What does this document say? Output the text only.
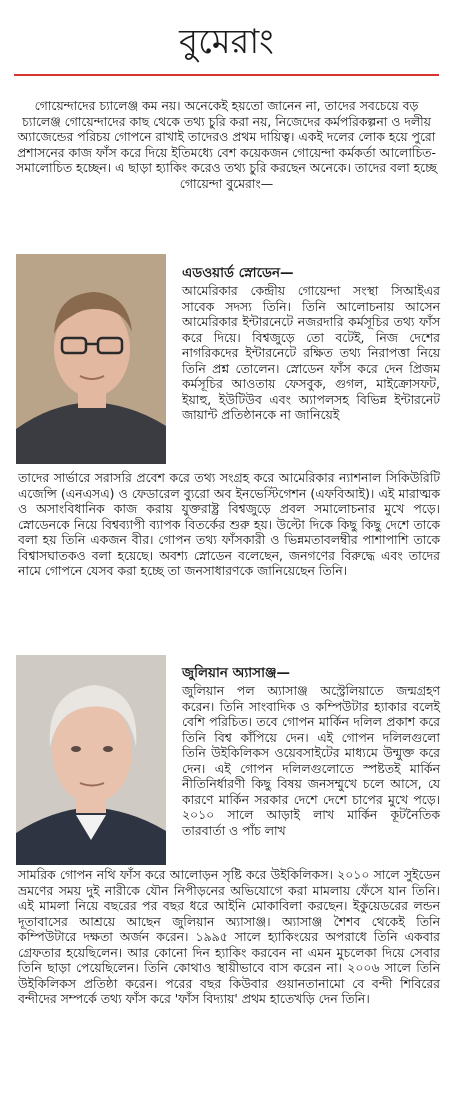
বুমেরাং

গোয়েন্দাদের চ্যালেঞ্জ কম নয়। অনেকেই হয়তো জানেন না, তাদের সবচেয়ে বড় চ্যালেঞ্জ গোয়েন্দাদের কাছ থেকে তথ্য চুরি করা নয়, নিজেদের কর্মপরিকল্পনা ও দলীয় অ্যাজেন্ডের পরিচয় গোপনে রাখাই তাদেরও প্রথম দায়িত্ব। একই দলের লোক হয়ে পুরো প্রশাসনের কাজ ফাঁস করে দিয়ে ইতিমধ্যে বেশ কয়েকজন গোয়েন্দা কর্মকর্তা আলোচিত-সমালোচিত হচ্ছেন। এ ছাড়া হ্যাকিং করেও তথ্য চুরি করছেন অনেকে। তাদের বলা হচ্ছে গোয়েন্দা বুমেরাং—

এডওয়ার্ড স্নোডেন—

আমেরিকার কেন্দ্রীয় গোয়েন্দা সংস্থা সিআইএর সাবেক সদস্য তিনি। তিনি আলোচনায় আসেন আমেরিকার ইন্টারনেটে নজরদারি কর্মসূচির তথ্য ফাঁস করে দিয়ে। বিশ্বজুড়ে তো বটেই, নিজ দেশের নাগরিকদের ইন্টারনেটে রক্ষিত তথ্য নিরাপত্তা নিয়ে তিনি প্রশ্ন তোলেন। স্নোডেন ফাঁস করে দেন প্রিজম কর্মসূচির আওতায় ফেসবুক, গুগল, মাইক্রোসফট, ইয়াহু, ইউটিউব এবং অ্যাপলসহ বিভিন্ন ইন্টারনেট জায়ান্ট প্রতিষ্ঠানকে না জানিয়েই

তাদের সার্ভারে সরাসরি প্রবেশ করে তথ্য সংগ্রহ করে আমেরিকার ন্যাশনাল সিকিউরিটি এজেন্সি (এনএসএ) ও ফেডারেল ব্যুরো অব ইনভেস্টিগেশন (এফবিআই)। এই মারাত্মক ও অসাংবিধানিক কাজ করায় যুক্তরাষ্ট্র বিশ্বজুড়ে প্রবল সমালোচনার মুখে পড়ে। স্নোডেনকে নিয়ে বিশ্বব্যাপী ব্যাপক বিতর্কের শুরু হয়। উল্টো দিকে কিছু কিছু দেশে তাকে বলা হয় তিনি একজন বীর। গোপন তথ্য ফাঁসকারী ও ভিন্নমতাবলম্বীর পাশাপাশি তাকে বিশ্বাসঘাতকও বলা হয়েছে। অবশ্য স্নোডেন বলেছেন, জনগণের বিরুদ্ধে এবং তাদের নামে গোপনে যেসব করা হচ্ছে তা জনসাধারণকে জানিয়েছেন তিনি।

জুলিয়ান অ্যাসাঞ্জ—

জুলিয়ান পল অ্যাসাঞ্জ অস্ট্রেলিয়াতে জন্মগ্রহণ করেন। তিনি সাংবাদিক ও কম্পিউটার হ্যাকার বলেই বেশি পরিচিত। তবে গোপন মার্কিন দলিল প্রকাশ করে তিনি বিশ্ব কাঁপিয়ে দেন। এই গোপন দলিলগুলো তিনি উইকিলিকস ওয়েবসাইটের মাধ্যমে উন্মুক্ত করে দেন। এই গোপন দলিলগুলোতে স্পষ্টতই মার্কিন নীতিনির্ধারণী কিছু বিষয় জনসম্মুখে চলে আসে, যে কারণে মার্কিন সরকার দেশে দেশে চাপের মুখে পড়ে। ২০১০ সালে আড়াই লাখ মার্কিন কূটনৈতিক তারবার্তা ও পাঁচ লাখ

সামরিক গোপন নথি ফাঁস করে আলোড়ন সৃষ্টি করে উইকিলিকস। ২০১০ সালে সুইডেন ভ্রমণের সময় দুই নারীকে যৌন নিপীড়নের অভিযোগে করা মামলায় ফেঁসে যান তিনি। এই মামলা নিয়ে বছরের পর বছর ধরে আইনি মোকাবিলা করছেন। ইকুয়েডরের লন্ডন দূতাবাসের আশ্রয়ে আছেন জুলিয়ান অ্যাসাঞ্জ। অ্যাসাঞ্জ শৈশব থেকেই তিনি কম্পিউটারে দক্ষতা অর্জন করেন। ১৯৯৫ সালে হ্যাকিংয়ের অপরাধে তিনি একবার গ্রেফতার হয়েছিলেন। আর কোনো দিন হ্যাকিং করবেন না এমন মুচলেকা দিয়ে সেবার তিনি ছাড়া পেয়েছিলেন। তিনি কোথাও স্থায়ীভাবে বাস করেন না। ২০০৬ সালে তিনি উইকিলিকস প্রতিষ্ঠা করেন। পরের বছর কিউবার গুয়ানতানামো বে বন্দী শিবিরের বন্দীদের সম্পর্কে তথ্য ফাঁস করে 'ফাঁস বিদ্যায়' প্রথম হাতেখড়ি দেন তিনি।
